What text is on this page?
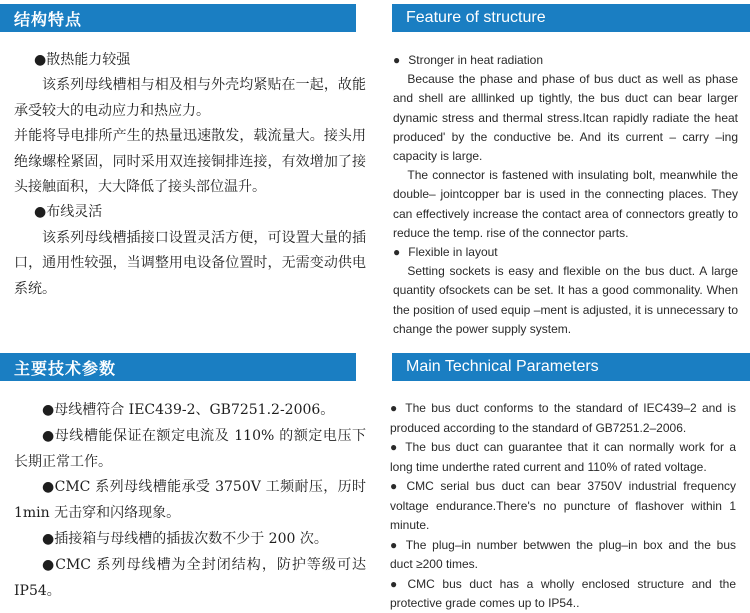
结构特点	Feature of structure
主要技术参数	Main Technical Parameters
●散热能力较强

该系列母线槽相与相及相与外壳均紧贴在一起，故能承受较大的电动应力和热应力。

并能将导电排所产生的热量迅速散发，载流量大。接头用绝缘螺栓紧固，同时采用双连接铜排连接，有效增加了接头接触面积，大大降低了接头部位温升。

●布线灵活

该系列母线槽插接口设置灵活方便，可设置大量的插口，通用性较强，当调整用电设备位置时，无需变动供电系统。

● Stronger in heat radiation

Because the phase and phase of bus duct as well as phase and shell are alllinked up tightly, the bus duct can bear larger dynamic stress and thermal stress.Itcan rapidly radiate the heat produced' by the conductive be. And its current – carry –ing capacity is large.

The connector is fastened with insulating bolt, meanwhile the double– jointcopper bar is used in the connecting places. They can effectively increase the contact area of connectors greatly to reduce the temp. rise of the connector parts.

● Flexible in layout

Setting sockets is easy and flexible on the bus duct. A large quantity ofsockets can be set. It has a good commonality. When the position of used equip –ment is adjusted, it is unnecessary to change the power supply system.

●母线槽符合 IEC439-2、GB7251.2-2006。

●母线槽能保证在额定电流及 110% 的额定电压下长期正常工作。

●CMC 系列母线槽能承受 3750V 工频耐压，历时 1min 无击穿和闪络现象。

●插接箱与母线槽的插拔次数不少于 200 次。

●CMC 系列母线槽为全封闭结构，防护等级可达 IP54。

● The bus duct conforms to the standard of IEC439–2 and is produced according to the standard of GB7251.2–2006.

● The bus duct can guarantee that it can normally work for a long time underthe rated current and 110% of rated voltage.

● CMC serial bus duct can bear 3750V industrial frequency voltage endurance.There's no puncture of flashover within 1 minute.

● The plug–in number betwwen the plug–in box and the bus duct ≥200 times.

● CMC bus duct has a wholly enclosed structure and the protective grade comes up to IP54..
